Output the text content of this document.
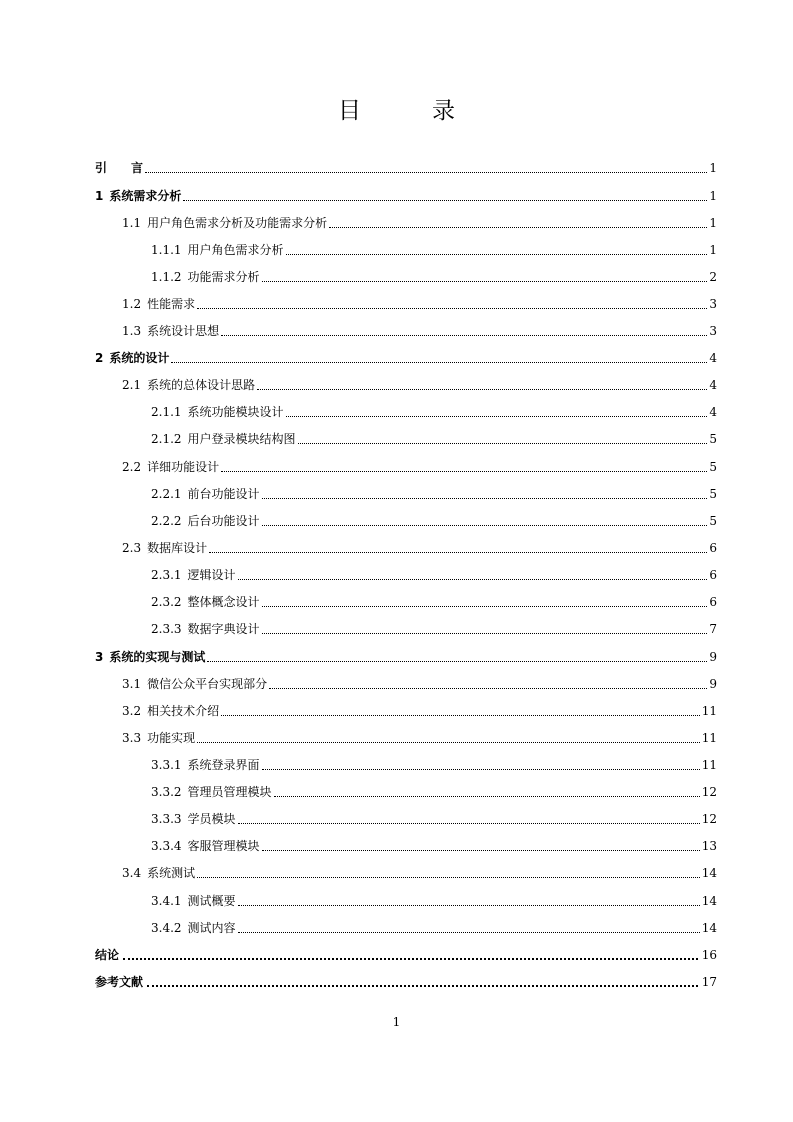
目　录
引　　言	1
1 系统需求分析	1
1.1 用户角色需求分析及功能需求分析	1
1.1.1 用户角色需求分析	1
1.1.2 功能需求分析	2
1.2 性能需求	3
1.3 系统设计思想	3
2 系统的设计	4
2.1 系统的总体设计思路	4
2.1.1 系统功能模块设计	4
2.1.2 用户登录模块结构图	5
2.2 详细功能设计	5
2.2.1 前台功能设计	5
2.2.2 后台功能设计	5
2.3 数据库设计	6
2.3.1 逻辑设计	6
2.3.2 整体概念设计	6
2.3.3 数据字典设计	7
3 系统的实现与测试	9
3.1 微信公众平台实现部分	9
3.2 相关技术介绍	11
3.3 功能实现	11
3.3.1 系统登录界面	11
3.3.2 管理员管理模块	12
3.3.3 学员模块	12
3.3.4 客服管理模块	13
3.4 系统测试	14
3.4.1 测试概要	14
3.4.2 测试内容	14
结论	16
参考文献	17
1
